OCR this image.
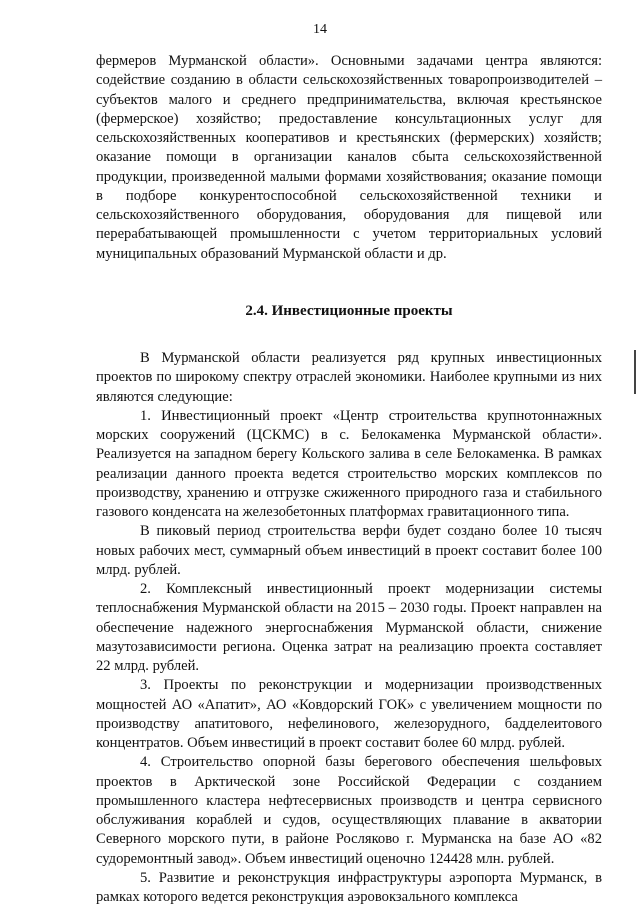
14

фермеров Мурманской области». Основными задачами центра являются: содействие созданию в области сельскохозяйственных товаропроизводителей – субъектов малого и среднего предпринимательства, включая крестьянское (фермерское) хозяйство; предоставление консультационных услуг для сельскохозяйственных кооперативов и крестьянских (фермерских) хозяйств; оказание помощи в организации каналов сбыта сельскохозяйственной продукции, произведенной малыми формами хозяйствования; оказание помощи в подборе конкурентоспособной сельскохозяйственной техники и сельскохозяйственного оборудования, оборудования для пищевой или перерабатывающей промышленности с учетом территориальных условий муниципальных образований Мурманской области и др.

2.4. Инвестиционные проекты

В Мурманской области реализуется ряд крупных инвестиционных проектов по широкому спектру отраслей экономики. Наиболее крупными из них являются следующие:

1. Инвестиционный проект «Центр строительства крупнотоннажных морских сооружений (ЦСКМС) в с. Белокаменка Мурманской области». Реализуется на западном берегу Кольского залива в селе Белокаменка. В рамках реализации данного проекта ведется строительство морских комплексов по производству, хранению и отгрузке сжиженного природного газа и стабильного газового конденсата на железобетонных платформах гравитационного типа.

В пиковый период строительства верфи будет создано более 10 тысяч новых рабочих мест, суммарный объем инвестиций в проект составит более 100 млрд. рублей.

2. Комплексный инвестиционный проект модернизации системы теплоснабжения Мурманской области на 2015 – 2030 годы. Проект направлен на обеспечение надежного энергоснабжения Мурманской области, снижение мазутозависимости региона. Оценка затрат на реализацию проекта составляет 22 млрд. рублей.

3. Проекты по реконструкции и модернизации производственных мощностей АО «Апатит», АО «Ковдорский ГОК» с увеличением мощности по производству апатитового, нефелинового, железорудного, бадделеитового концентратов. Объем инвестиций в проект составит более 60 млрд. рублей.

4. Строительство опорной базы берегового обеспечения шельфовых проектов в Арктической зоне Российской Федерации с созданием промышленного кластера нефтесервисных производств и центра сервисного обслуживания кораблей и судов, осуществляющих плавание в акватории Северного морского пути, в районе Росляково г. Мурманска на базе АО «82 судоремонтный завод». Объем инвестиций оценочно 124428 млн. рублей.

5. Развитие и реконструкция инфраструктуры аэропорта Мурманск, в рамках которого ведется реконструкция аэровокзального комплекса
